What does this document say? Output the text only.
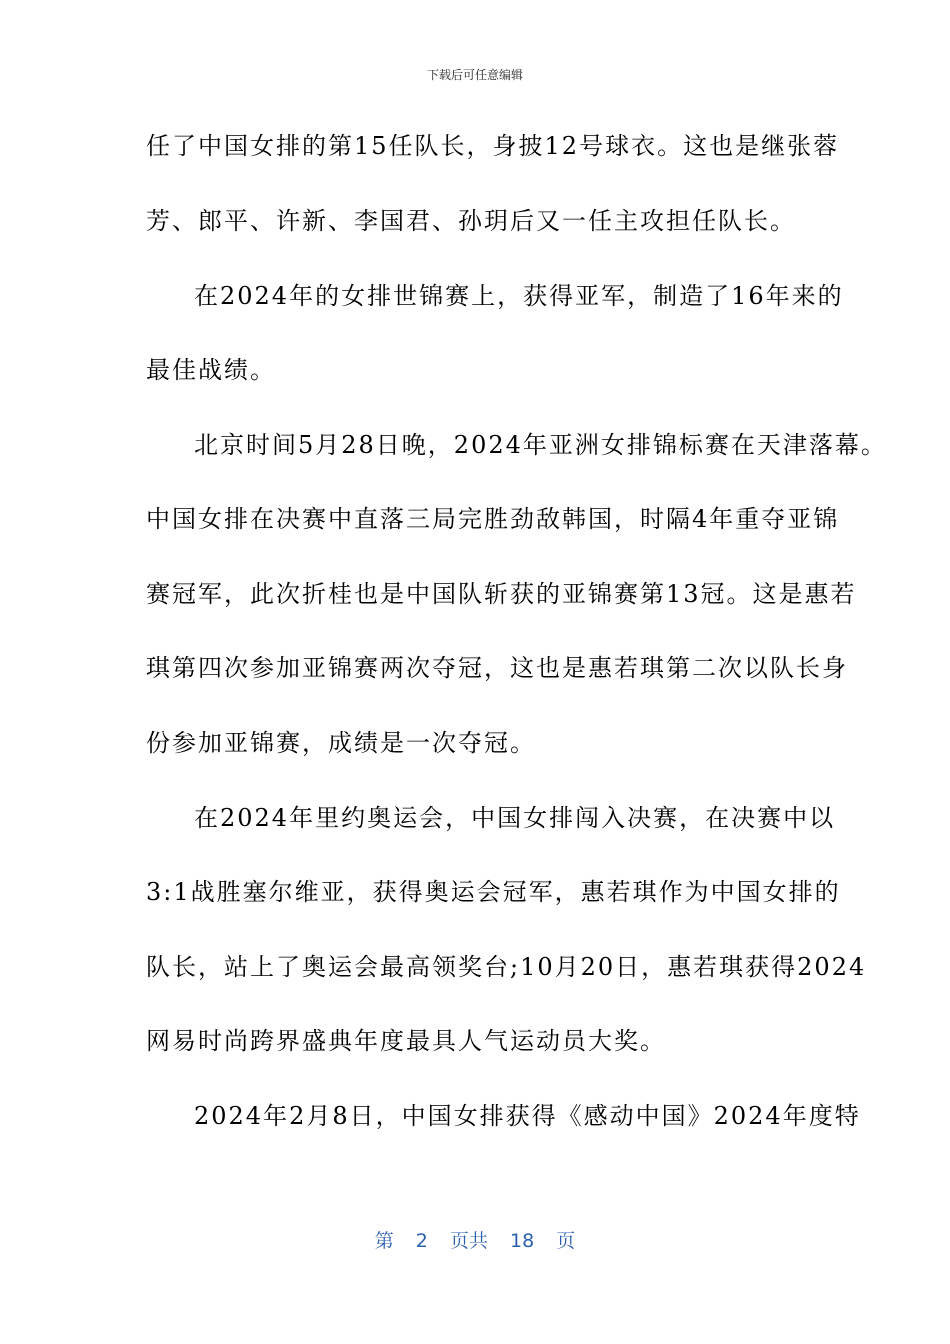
下载后可任意编辑
任了中国女排的第15任队长，身披12号球衣。这也是继张蓉
芳、郎平、许新、李国君、孙玥后又一任主攻担任队长。
在2024年的女排世锦赛上，获得亚军，制造了16年来的
最佳战绩。
北京时间5月28日晚，2024年亚洲女排锦标赛在天津落幕。
中国女排在决赛中直落三局完胜劲敌韩国，时隔4年重夺亚锦
赛冠军，此次折桂也是中国队斩获的亚锦赛第13冠。这是惠若
琪第四次参加亚锦赛两次夺冠，这也是惠若琪第二次以队长身
份参加亚锦赛，成绩是一次夺冠。
在2024年里约奥运会，中国女排闯入决赛，在决赛中以
3:1战胜塞尔维亚，获得奥运会冠军，惠若琪作为中国女排的
队长，站上了奥运会最高领奖台;10月20日，惠若琪获得2024
网易时尚跨界盛典年度最具人气运动员大奖。
2024年2月8日，中国女排获得《感动中国》2024年度特
第 2 页共 18 页
